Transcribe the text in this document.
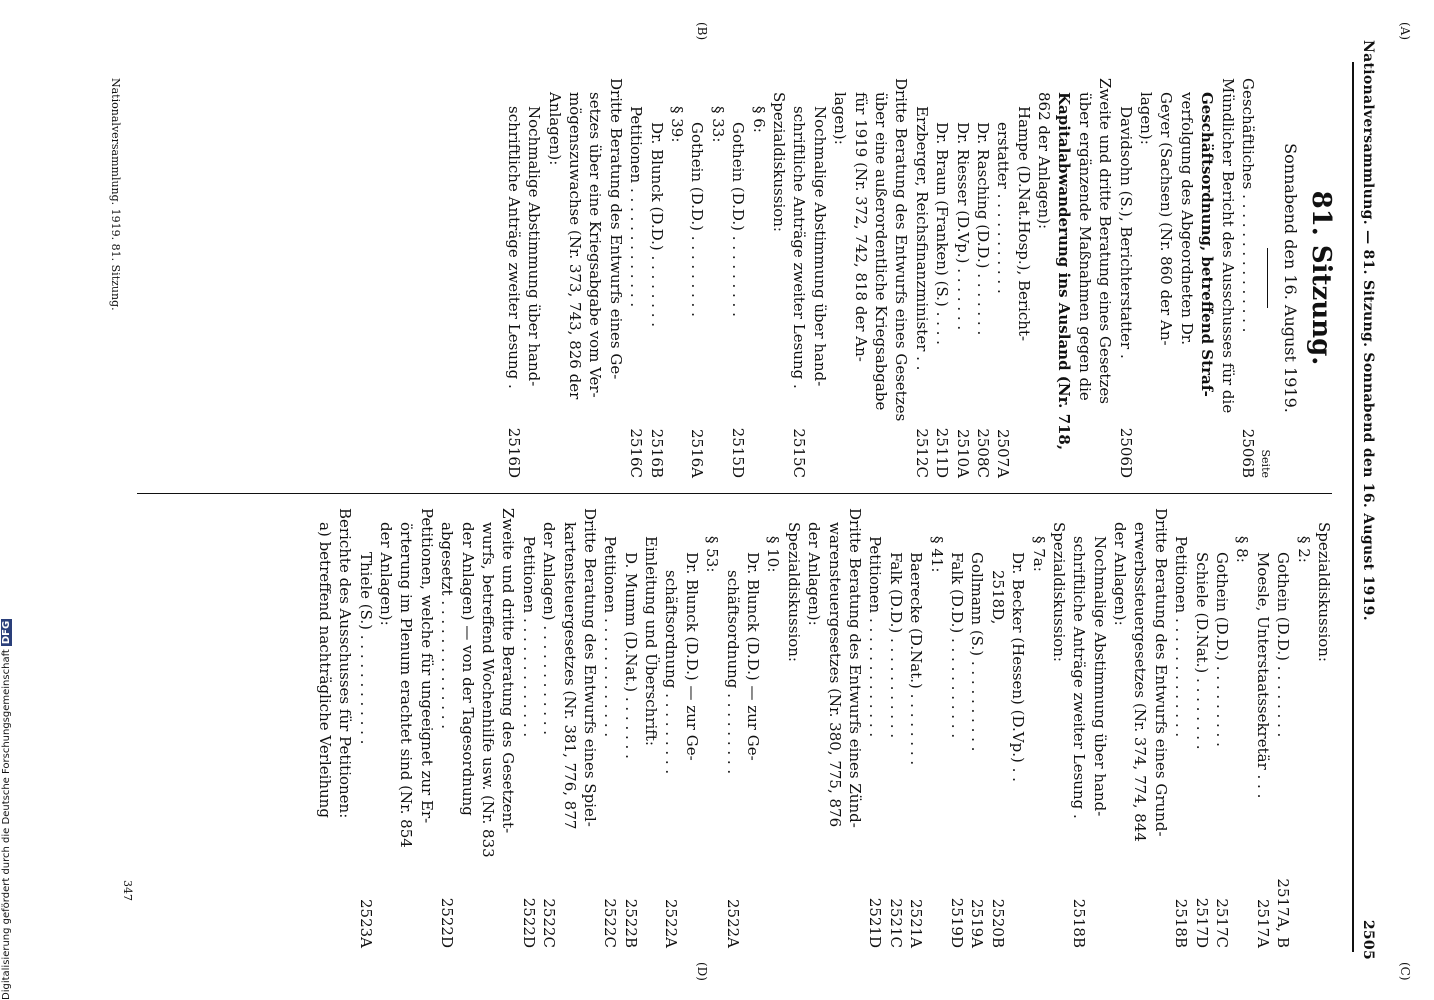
Nationalversammlung. — 81. Sitzung. Sonnabend den 16. August 1919.
2505
(A)
(B)
(C)
(D)
81. Sitzung.
Sonnabend den 16. August 1919.
Seite
Geschäftliches . . . . . . . . . . . . . . .
2506B
Mündlicher Bericht des Ausschusses für die
Geschäftsordnung, betreffend Straf-
verfolgung des Abgeordneten Dr.
Geyer (Sachsen) (Nr. 860 der An-
lagen):
Davidsohn (S.), Berichterstatter .
2506D
Zweite und dritte Beratung eines Gesetzes
über ergänzende Maßnahmen gegen die
Kapitalabwanderung ins Ausland (Nr. 718,
862 der Anlagen):
Hampe (D.Nat.Hosp.), Bericht-
erstatter . . . . . . . . . . .
2507A
Dr. Rasching (D.D.) . . . . . . .
2508C
Dr. Riesser (D.Vp.) . . . . . . .
2510A
Dr. Braun (Franken) (S.) . . . .
2511D
Erzberger, Reichsfinanzminister . .
2512C
Dritte Beratung des Entwurfs eines Gesetzes
über eine außerordentliche Kriegsabgabe
für 1919 (Nr. 372, 742, 818 der An-
lagen):
Nochmalige Abstimmung über hand-
schriftliche Anträge zweiter Lesung .
2515C
Spezialdiskussion:
§ 6:
Gothein (D.D.) . . . . . . . . .
2515D
§ 33:
Gothein (D.D.) . . . . . . . . .
2516A
§ 39:
Dr. Blunck (D.D.) . . . . . . . .
2516B
Petitionen . . . . . . . . . . . . .
2516C
Dritte Beratung des Entwurfs eines Ge-
setzes über eine Kriegsabgabe vom Ver-
mögenszuwachse (Nr. 373, 743, 826 der
Anlagen):
Nochmalige Abstimmung über hand-
schriftliche Anträge zweiter Lesung .
2516D
Nationalversammlung. 1919. 81. Sitzung.
Spezialdiskussion:
§ 2:
Gothein (D.D.) . . . . . . . .
2517A, B
Moesle, Unterstaatssekretär . . .
2517A
§ 8:
Gothein (D.D.) . . . . . . . . .
2517C
Schiele (D.Nat.) . . . . . . . .
2517D
Petitionen . . . . . . . . . . . . .
2518B
Dritte Beratung des Entwurfs eines Grund-
erwerbssteuergesetzes (Nr. 374, 774, 844
der Anlagen):
Nochmalige Abstimmung über hand-
schriftliche Anträge zweiter Lesung .
2518B
Spezialdiskussion:
§ 7a:
Dr. Becker (Hessen) (D.Vp.) . .
2518D,
2520B
Gollmann (S.) . . . . . . . . . .
2519A
Falk (D.D.) . . . . . . . . . . .
2519D
§ 41:
Baerecke (D.Nat.) . . . . . . . .
2521A
Falk (D.D.) . . . . . . . . . . .
2521C
Petitionen . . . . . . . . . . . . .
2521D
Dritte Beratung des Entwurfs eines Zünd-
warensteuergesetzes (Nr. 380, 775, 876
der Anlagen):
Spezialdiskussion:
§ 10:
Dr. Blunck (D.D.) — zur Ge-
schäftsordnung . . . . . . . . .
2522A
§ 53:
Dr. Blunck (D.D.) — zur Ge-
schäftsordnung . . . . . . . . .
2522A
Einleitung und Überschrift:
D. Mumm (D.Nat.) . . . . . . .
2522B
Petitionen . . . . . . . . . . . . .
2522C
Dritte Beratung des Entwurfs eines Spiel-
kartensteuergesetzes (Nr. 381, 776, 877
der Anlagen) . . . . . . . . . . . .
2522C
Petitionen . . . . . . . . . . . . .
2522D
Zweite und dritte Beratung des Gesetzent-
wurfs, betreffend Wochenhilfe usw. (Nr. 833
der Anlagen) — von der Tagesordnung
abgesetzt . . . . . . . . . . . . . .
2522D
Petitionen, welche für ungeeignet zur Er-
örterung im Plenum erachtet sind (Nr. 854
der Anlagen):
Thiele (S.) . . . . . . . . . . . .
2523A
Berichte des Ausschusses für Petitionen:
a) betreffend nachträgliche Verleihung
347
Digitalisierung gefördert durch die Deutsche ForschungsgemeinschaftDFG
